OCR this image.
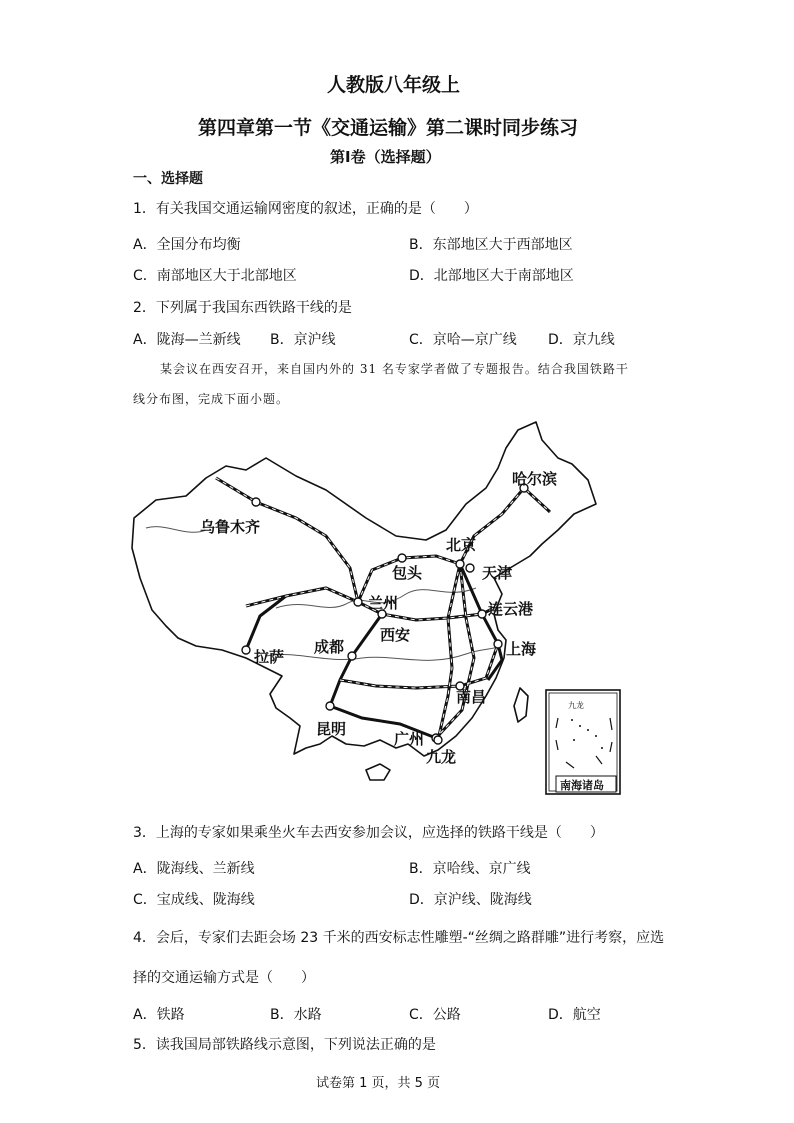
人教版八年级上
第四章第一节《交通运输》第二课时同步练习
第I卷（选择题）
一、选择题
1．有关我国交通运输网密度的叙述，正确的是（　　）
A．全国分布均衡	B．东部地区大于西部地区
C．南部地区大于北部地区	D．北部地区大于南部地区
2．下列属于我国东西铁路干线的是
A．陇海—兰新线 B．京沪线	C．京哈—京广线 D．京九线
某会议在西安召开，来自国内外的 31 名专家学者做了专题报告。结合我国铁路干
线分布图，完成下面小题。
哈尔滨
乌鲁木齐
北京
包头	天津
兰州	连云港
西安
成都
拉萨	上海
南昌
昆明
广州
九龙
九龙
南海诸岛
3．上海的专家如果乘坐火车去西安参加会议，应选择的铁路干线是（　　）
A．陇海线、兰新线	B．京哈线、京广线
C．宝成线、陇海线	D．京沪线、陇海线
4．会后，专家们去距会场 23 千米的西安标志性雕塑-“丝绸之路群雕”进行考察，应选
择的交通运输方式是（　　）
A．铁路	B．水路	C．公路	D．航空
5．读我国局部铁路线示意图，下列说法正确的是
试卷第 1 页，共 5 页
